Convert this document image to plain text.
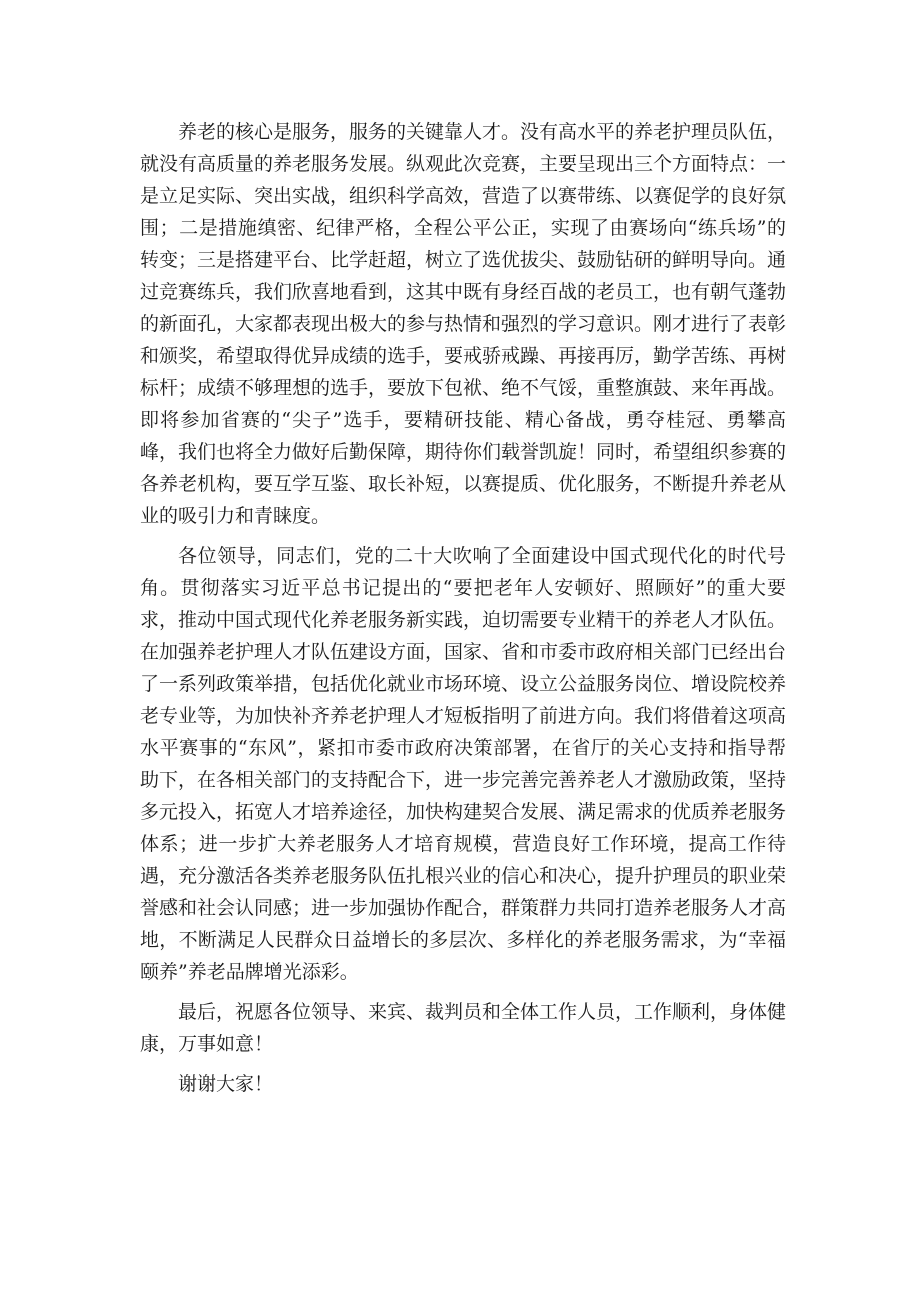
养老的核心是服务，服务的关键靠人才。没有高水平的养老护理员队伍，就没有高质量的养老服务发展。纵观此次竞赛，主要呈现出三个方面特点：一是立足实际、突出实战，组织科学高效，营造了以赛带练、以赛促学的良好氛围；二是措施缜密、纪律严格，全程公平公正，实现了由赛场向“练兵场”的转变；三是搭建平台、比学赶超，树立了选优拔尖、鼓励钻研的鲜明导向。通过竞赛练兵，我们欣喜地看到，这其中既有身经百战的老员工，也有朝气蓬勃的新面孔，大家都表现出极大的参与热情和强烈的学习意识。刚才进行了表彰和颁奖，希望取得优异成绩的选手，要戒骄戒躁、再接再厉，勤学苦练、再树标杆；成绩不够理想的选手，要放下包袱、绝不气馁，重整旗鼓、来年再战。即将参加省赛的“尖子”选手，要精研技能、精心备战，勇夺桂冠、勇攀高峰，我们也将全力做好后勤保障，期待你们载誉凯旋！同时，希望组织参赛的各养老机构，要互学互鉴、取长补短，以赛提质、优化服务，不断提升养老从业的吸引力和青睐度。

各位领导，同志们，党的二十大吹响了全面建设中国式现代化的时代号角。贯彻落实习近平总书记提出的“要把老年人安顿好、照顾好”的重大要求，推动中国式现代化养老服务新实践，迫切需要专业精干的养老人才队伍。在加强养老护理人才队伍建设方面，国家、省和市委市政府相关部门已经出台了一系列政策举措，包括优化就业市场环境、设立公益服务岗位、增设院校养老专业等，为加快补齐养老护理人才短板指明了前进方向。我们将借着这项高水平赛事的“东风”，紧扣市委市政府决策部署，在省厅的关心支持和指导帮助下，在各相关部门的支持配合下，进一步完善完善养老人才激励政策，坚持多元投入，拓宽人才培养途径，加快构建契合发展、满足需求的优质养老服务体系；进一步扩大养老服务人才培育规模，营造良好工作环境，提高工作待遇，充分激活各类养老服务队伍扎根兴业的信心和决心，提升护理员的职业荣誉感和社会认同感；进一步加强协作配合，群策群力共同打造养老服务人才高地，不断满足人民群众日益增长的多层次、多样化的养老服务需求，为“幸福颐养”养老品牌增光添彩。

最后，祝愿各位领导、来宾、裁判员和全体工作人员，工作顺利，身体健康，万事如意！

谢谢大家！
